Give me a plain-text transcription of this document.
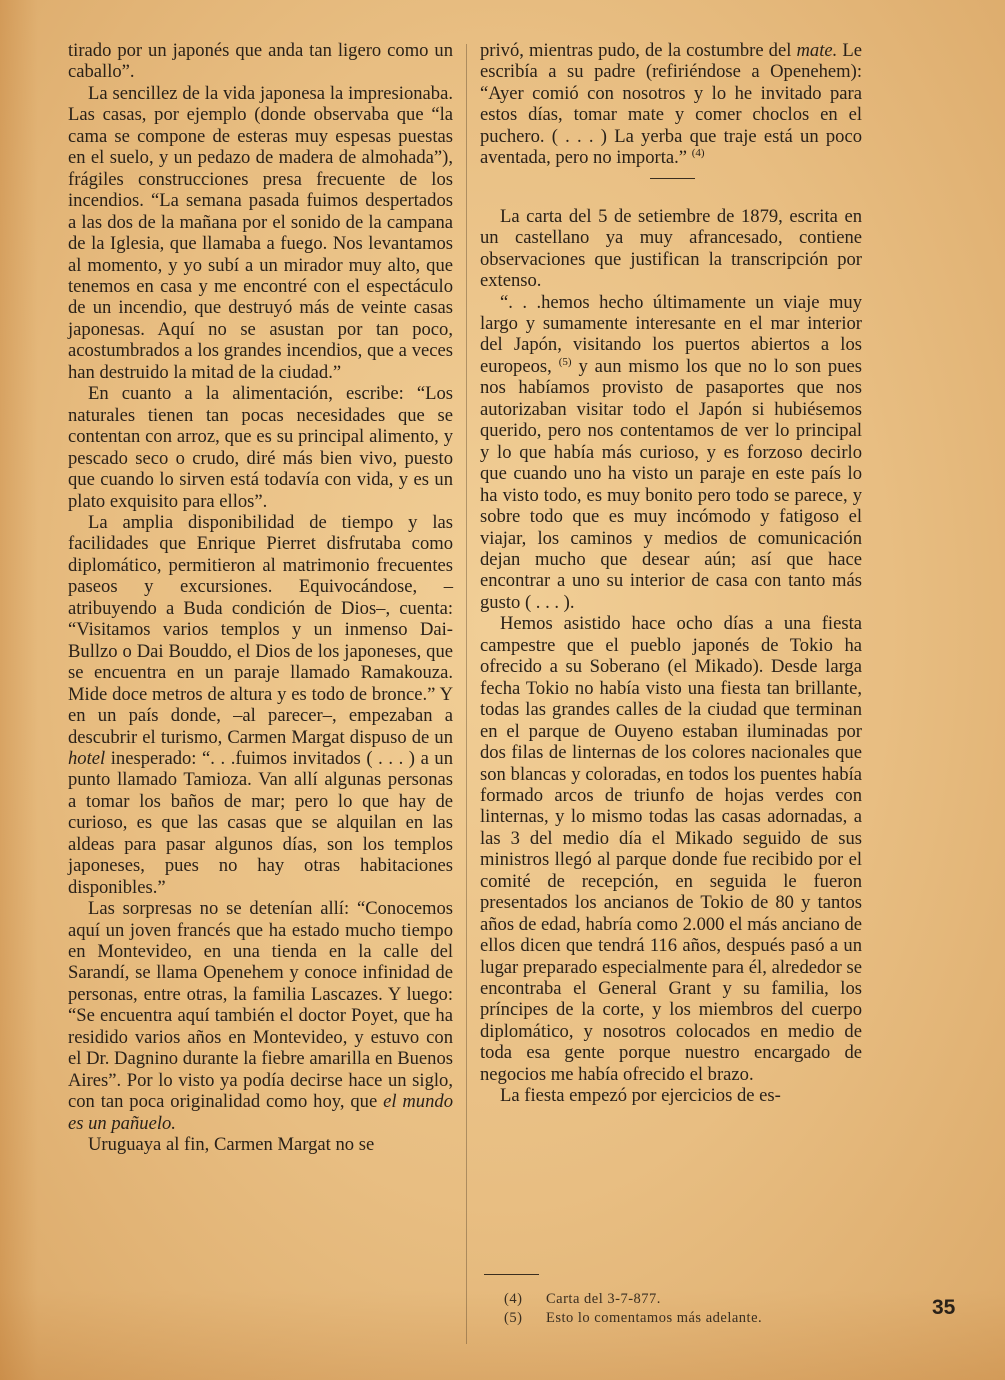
tirado por un japonés que anda tan ligero como un caballo”.

La sencillez de la vida japonesa la impresionaba. Las casas, por ejemplo (donde observaba que “la cama se compone de esteras muy espesas puestas en el suelo, y un pedazo de madera de almohada”), frágiles construcciones presa frecuente de los incendios. “La semana pasada fuimos despertados a las dos de la mañana por el sonido de la campana de la Iglesia, que llamaba a fuego. Nos levantamos al momento, y yo subí a un mirador muy alto, que tenemos en casa y me encontré con el espectáculo de un incendio, que destruyó más de veinte casas japonesas. Aquí no se asustan por tan poco, acostumbrados a los grandes incendios, que a veces han destruido la mitad de la ciudad.”

En cuanto a la alimentación, escribe: “Los naturales tienen tan pocas necesidades que se contentan con arroz, que es su principal alimento, y pescado seco o crudo, diré más bien vivo, puesto que cuando lo sirven está todavía con vida, y es un plato exquisito para ellos”.

La amplia disponibilidad de tiempo y las facilidades que Enrique Pierret disfrutaba como diplomático, permitieron al matrimonio frecuentes paseos y excursiones. Equivocándose, –atribuyendo a Buda condición de Dios–, cuenta: “Visitamos varios templos y un inmenso Dai-Bullzo o Dai Bouddo, el Dios de los japoneses, que se encuentra en un paraje llamado Ramakouza. Mide doce metros de altura y es todo de bronce.” Y en un país donde, –al parecer–, empezaban a descubrir el turismo, Carmen Margat dispuso de un hotel inesperado: “. . .fuimos invitados ( . . . ) a un punto llamado Tamioza. Van allí algunas personas a tomar los baños de mar; pero lo que hay de curioso, es que las casas que se alquilan en las aldeas para pasar algunos días, son los templos japoneses, pues no hay otras habitaciones disponibles.”

Las sorpresas no se detenían allí: “Conocemos aquí un joven francés que ha estado mucho tiempo en Montevideo, en una tienda en la calle del Sarandí, se llama Openehem y conoce infinidad de personas, entre otras, la familia Lascazes. Y luego: “Se encuentra aquí también el doctor Poyet, que ha residido varios años en Montevideo, y estuvo con el Dr. Dagnino durante la fiebre amarilla en Buenos Aires”. Por lo visto ya podía decirse hace un siglo, con tan poca originalidad como hoy, que el mundo es un pañuelo.

Uruguaya al fin, Carmen Margat no se

privó, mientras pudo, de la costumbre del mate. Le escribía a su padre (refiriéndose a Openehem): “Ayer comió con nosotros y lo he invitado para estos días, tomar mate y comer choclos en el puchero. ( . . . ) La yerba que traje está un poco aventada, pero no importa.” $^{(4)}$

La carta del 5 de setiembre de 1879, escrita en un castellano ya muy afrancesado, contiene observaciones que justifican la transcripción por extenso.

“. . .hemos hecho últimamente un viaje muy largo y sumamente interesante en el mar interior del Japón, visitando los puertos abiertos a los europeos, $^{(5)}$ y aun mismo los que no lo son pues nos habíamos provisto de pasaportes que nos autorizaban visitar todo el Japón si hubiésemos querido, pero nos contentamos de ver lo principal y lo que había más curioso, y es forzoso decirlo que cuando uno ha visto un paraje en este país lo ha visto todo, es muy bonito pero todo se parece, y sobre todo que es muy incómodo y fatigoso el viajar, los caminos y medios de comunicación dejan mucho que desear aún; así que hace encontrar a uno su interior de casa con tanto más gusto ( . . . ).

Hemos asistido hace ocho días a una fiesta campestre que el pueblo japonés de Tokio ha ofrecido a su Soberano (el Mikado). Desde larga fecha Tokio no había visto una fiesta tan brillante, todas las grandes calles de la ciudad que terminan en el parque de Ouyeno estaban iluminadas por dos filas de linternas de los colores nacionales que son blancas y coloradas, en todos los puentes había formado arcos de triunfo de hojas verdes con linternas, y lo mismo todas las casas adornadas, a las 3 del medio día el Mikado seguido de sus ministros llegó al parque donde fue recibido por el comité de recepción, en seguida le fueron presentados los ancianos de Tokio de 80 y tantos años de edad, habría como 2.000 el más anciano de ellos dicen que tendrá 116 años, después pasó a un lugar preparado especialmente para él, alrededor se encontraba el General Grant y su familia, los príncipes de la corte, y los miembros del cuerpo diplomático, y nosotros colocados en medio de toda esa gente porque nuestro encargado de negocios me había ofrecido el brazo.

La fiesta empezó por ejercicios de es-

(4) Carta del 3-7-877.
(5) Esto lo comentamos más adelante.	35
